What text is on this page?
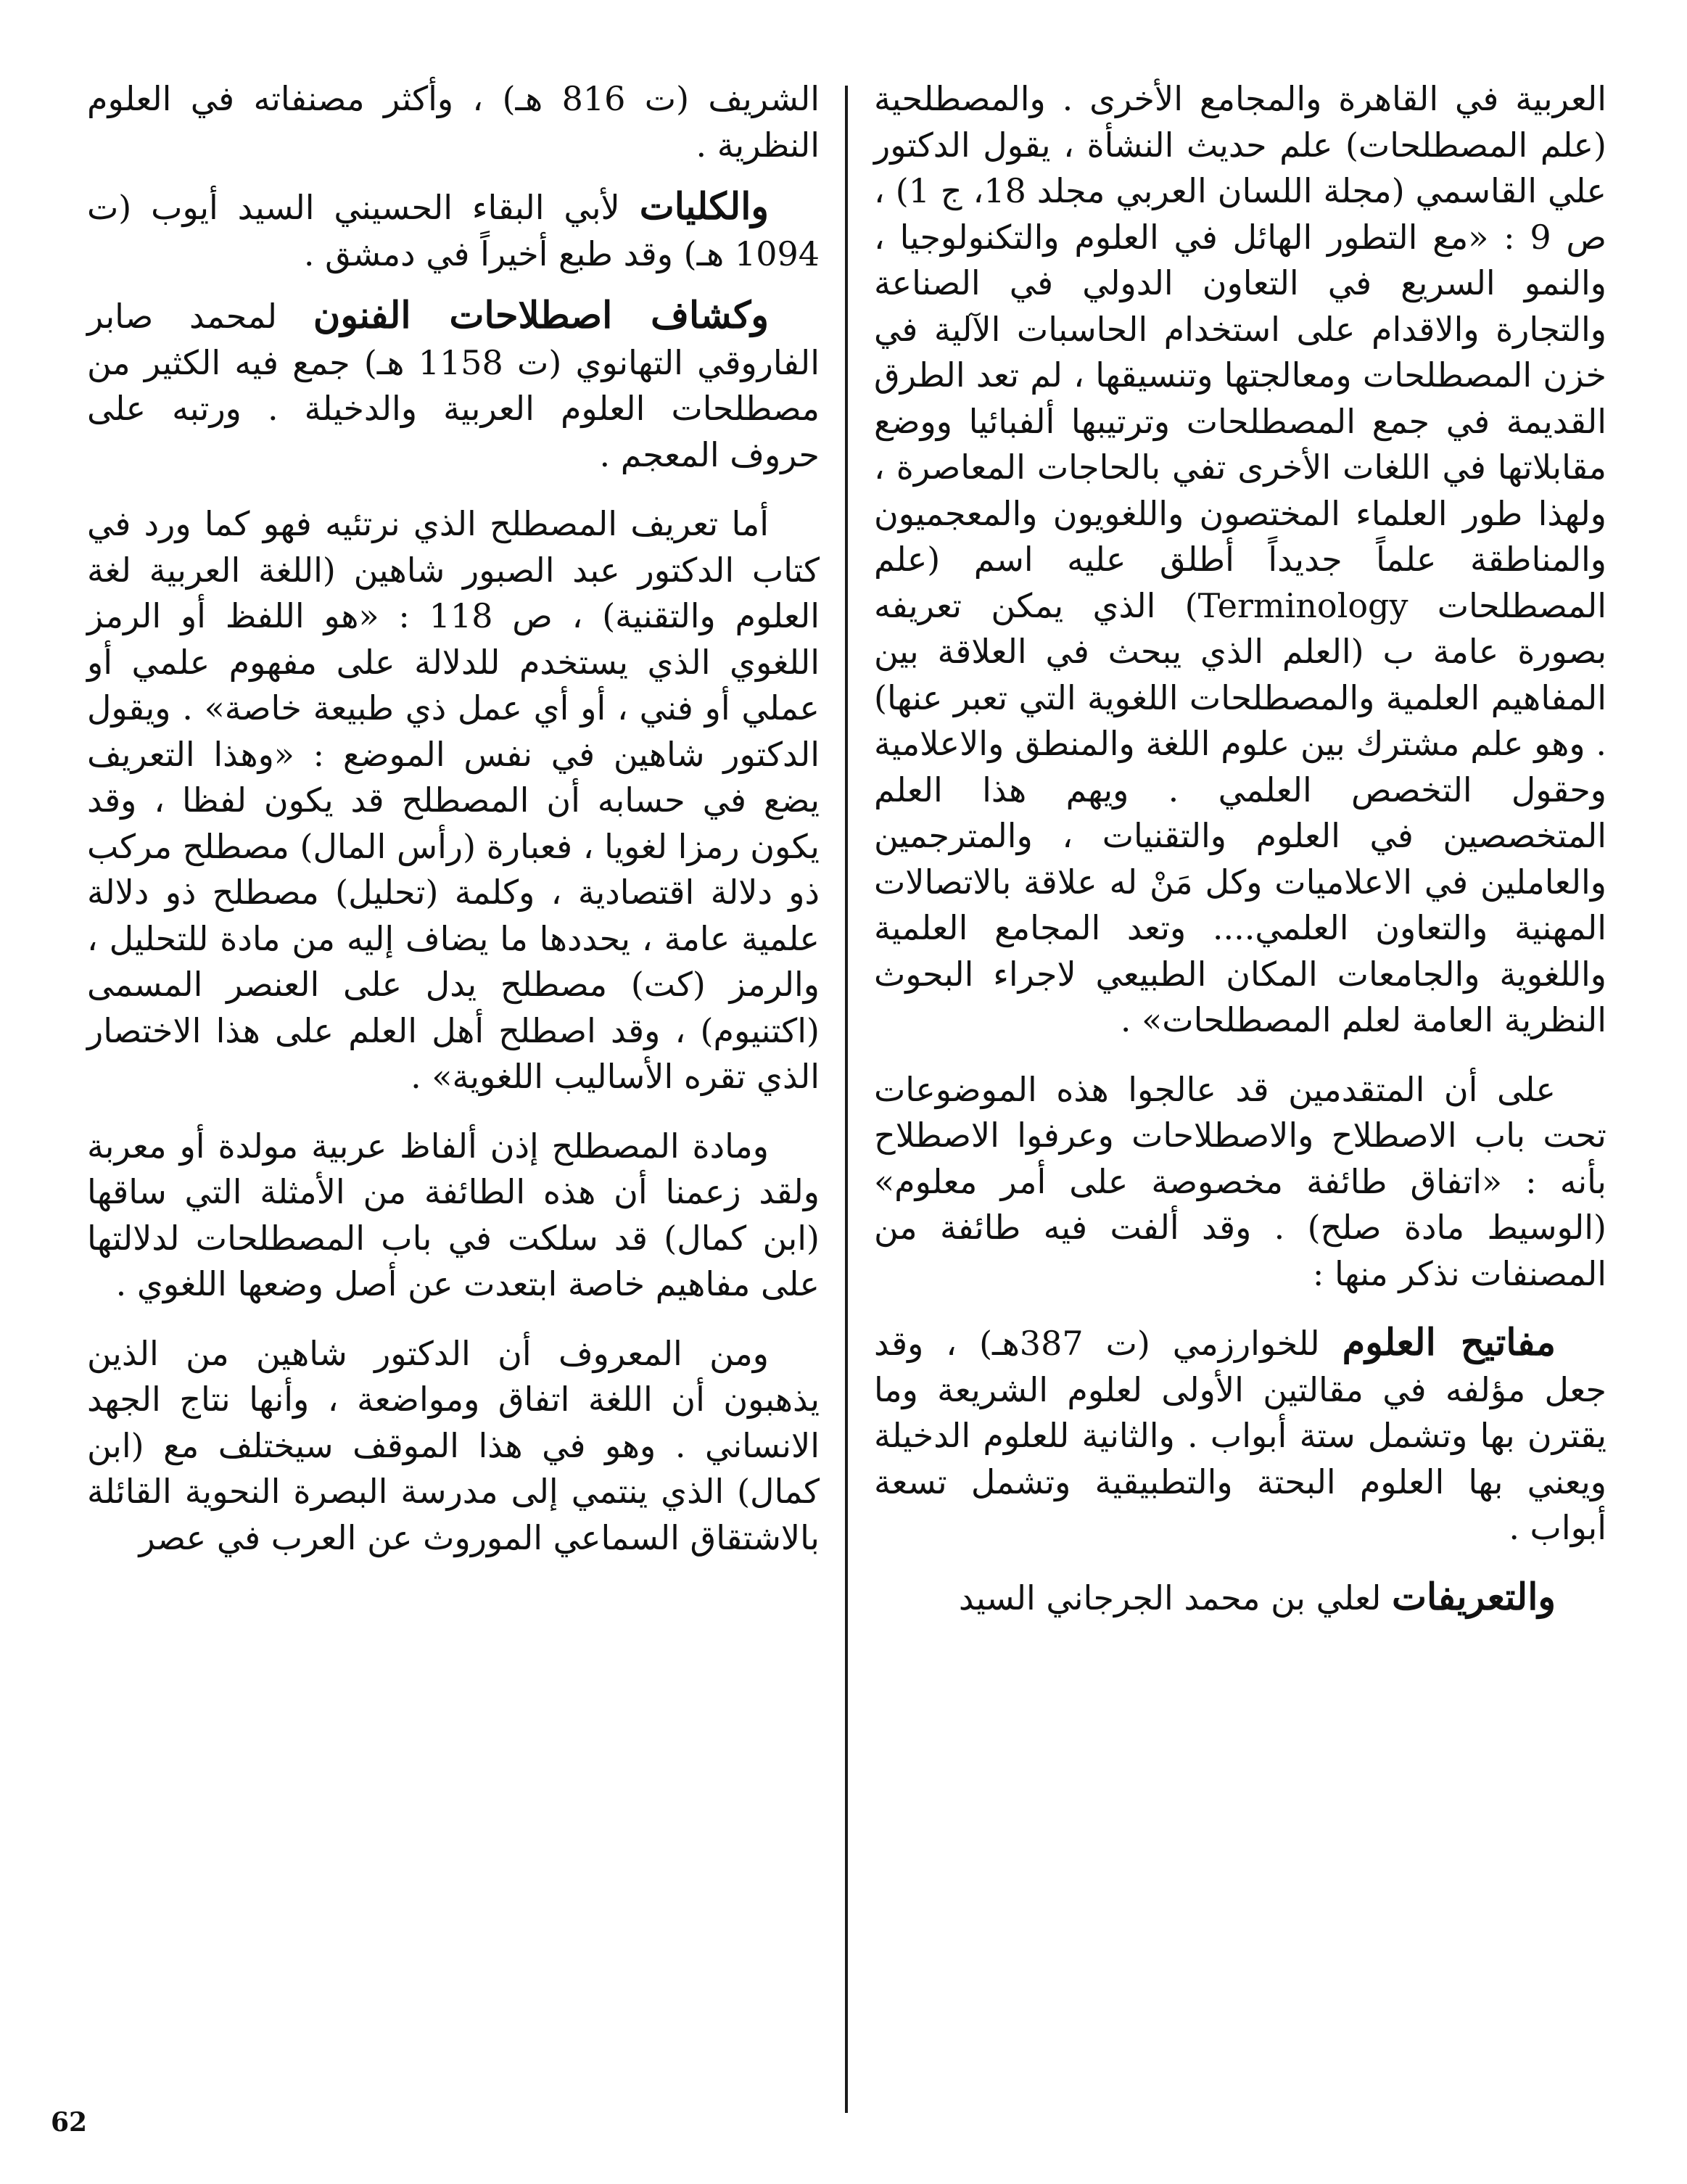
العربية في القاهرة والمجامع الأخرى . والمصطلحية (علم المصطلحات) علم حديث النشأة ، يقول الدكتور علي القاسمي (مجلة اللسان العربي مجلد 18، ج 1) ، ص 9 : «مع التطور الهائل في العلوم والتكنولوجيا ، والنمو السريع في التعاون الدولي في الصناعة والتجارة والاقدام على استخدام الحاسبات الآلية في خزن المصطلحات ومعالجتها وتنسيقها ، لم تعد الطرق القديمة في جمع المصطلحات وترتيبها ألفبائيا ووضع مقابلاتها في اللغات الأخرى تفي بالحاجات المعاصرة ، ولهذا طور العلماء المختصون واللغويون والمعجميون والمناطقة علماً جديداً أطلق عليه اسم (علم المصطلحات Terminology) الذي يمكن تعريفه بصورة عامة ب (العلم الذي يبحث في العلاقة بين المفاهيم العلمية والمصطلحات اللغوية التي تعبر عنها) . وهو علم مشترك بين علوم اللغة والمنطق والاعلامية وحقول التخصص العلمي . ويهم هذا العلم المتخصصين في العلوم والتقنيات ، والمترجمين والعاملين في الاعلاميات وكل مَنْ له علاقة بالاتصالات المهنية والتعاون العلمي.... وتعد المجامع العلمية واللغوية والجامعات المكان الطبيعي لاجراء البحوث النظرية العامة لعلم المصطلحات» .

على أن المتقدمين قد عالجوا هذه الموضوعات تحت باب الاصطلاح والاصطلاحات وعرفوا الاصطلاح بأنه : «اتفاق طائفة مخصوصة على أمر معلوم» (الوسيط مادة صلح) . وقد ألفت فيه طائفة من المصنفات نذكر منها :

مفاتيح العلوم للخوارزمي (ت 387هـ) ، وقد جعل مؤلفه في مقالتين الأولى لعلوم الشريعة وما يقترن بها وتشمل ستة أبواب . والثانية للعلوم الدخيلة ويعني بها العلوم البحتة والتطبيقية وتشمل تسعة أبواب .

والتعريفات لعلي بن محمد الجرجاني السيد

الشريف (ت 816 هـ) ، وأكثر مصنفاته في العلوم النظرية .

والكليات لأبي البقاء الحسيني السيد أيوب (ت 1094 هـ) وقد طبع أخيراً في دمشق .

وكشاف اصطلاحات الفنون لمحمد صابر الفاروقي التهانوي (ت 1158 هـ) جمع فيه الكثير من مصطلحات العلوم العربية والدخيلة . ورتبه على حروف المعجم .

أما تعريف المصطلح الذي نرتئيه فهو كما ورد في كتاب الدكتور عبد الصبور شاهين (اللغة العربية لغة العلوم والتقنية) ، ص 118 : «هو اللفظ أو الرمز اللغوي الذي يستخدم للدلالة على مفهوم علمي أو عملي أو فني ، أو أي عمل ذي طبيعة خاصة» . ويقول الدكتور شاهين في نفس الموضع : «وهذا التعريف يضع في حسابه أن المصطلح قد يكون لفظا ، وقد يكون رمزا لغويا ، فعبارة (رأس المال) مصطلح مركب ذو دلالة اقتصادية ، وكلمة (تحليل) مصطلح ذو دلالة علمية عامة ، يحددها ما يضاف إليه من مادة للتحليل ، والرمز (كت) مصطلح يدل على العنصر المسمى (اكتنيوم) ، وقد اصطلح أهل العلم على هذا الاختصار الذي تقره الأساليب اللغوية» .

ومادة المصطلح إذن ألفاظ عربية مولدة أو معربة ولقد زعمنا أن هذه الطائفة من الأمثلة التي ساقها (ابن كمال) قد سلكت في باب المصطلحات لدلالتها على مفاهيم خاصة ابتعدت عن أصل وضعها اللغوي .

ومن المعروف أن الدكتور شاهين من الذين يذهبون أن اللغة اتفاق ومواضعة ، وأنها نتاج الجهد الانساني . وهو في هذا الموقف سيختلف مع (ابن كمال) الذي ينتمي إلى مدرسة البصرة النحوية القائلة بالاشتقاق السماعي الموروث عن العرب في عصر

62
